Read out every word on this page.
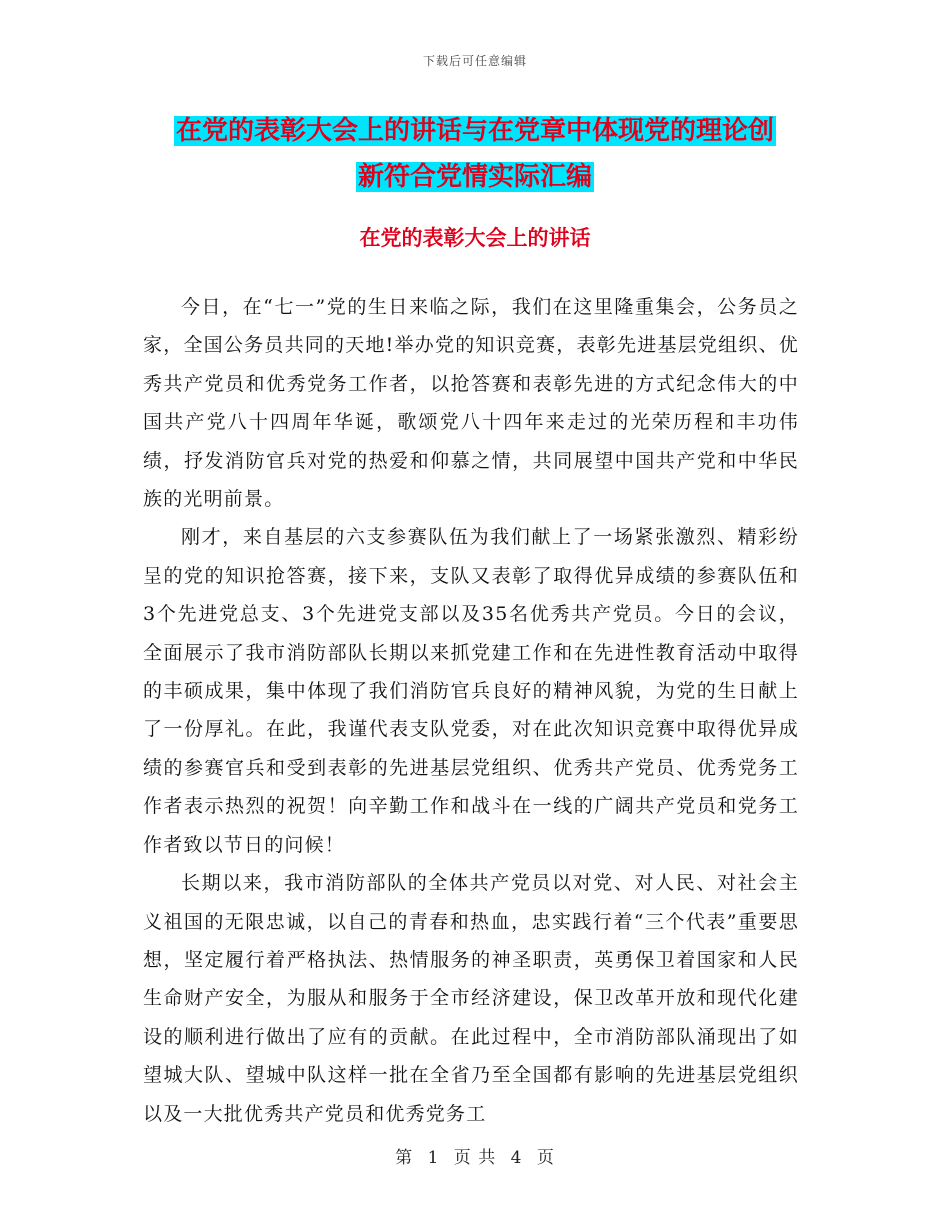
下载后可任意编辑
在党的表彰大会上的讲话与在党章中体现党的理论创
新符合党情实际汇编
在党的表彰大会上的讲话

今日，在“七一”党的生日来临之际，我们在这里隆重集会，公务员之家，全国公务员共同的天地!举办党的知识竞赛，表彰先进基层党组织、优秀共产党员和优秀党务工作者，以抢答赛和表彰先进的方式纪念伟大的中国共产党八十四周年华诞，歌颂党八十四年来走过的光荣历程和丰功伟绩，抒发消防官兵对党的热爱和仰慕之情，共同展望中国共产党和中华民族的光明前景。

刚才，来自基层的六支参赛队伍为我们献上了一场紧张激烈、精彩纷呈的党的知识抢答赛，接下来，支队又表彰了取得优异成绩的参赛队伍和3个先进党总支、3个先进党支部以及35名优秀共产党员。今日的会议，全面展示了我市消防部队长期以来抓党建工作和在先进性教育活动中取得的丰硕成果，集中体现了我们消防官兵良好的精神风貌，为党的生日献上了一份厚礼。在此，我谨代表支队党委，对在此次知识竞赛中取得优异成绩的参赛官兵和受到表彰的先进基层党组织、优秀共产党员、优秀党务工作者表示热烈的祝贺！向辛勤工作和战斗在一线的广阔共产党员和党务工作者致以节日的问候！

长期以来，我市消防部队的全体共产党员以对党、对人民、对社会主义祖国的无限忠诚，以自己的青春和热血，忠实践行着“三个代表”重要思想，坚定履行着严格执法、热情服务的神圣职责，英勇保卫着国家和人民生命财产安全，为服从和服务于全市经济建设，保卫改革开放和现代化建设的顺利进行做出了应有的贡献。在此过程中，全市消防部队涌现出了如望城大队、望城中队这样一批在全省乃至全国都有影响的先进基层党组织以及一大批优秀共产党员和优秀党务工

第 1 页 共 4 页
